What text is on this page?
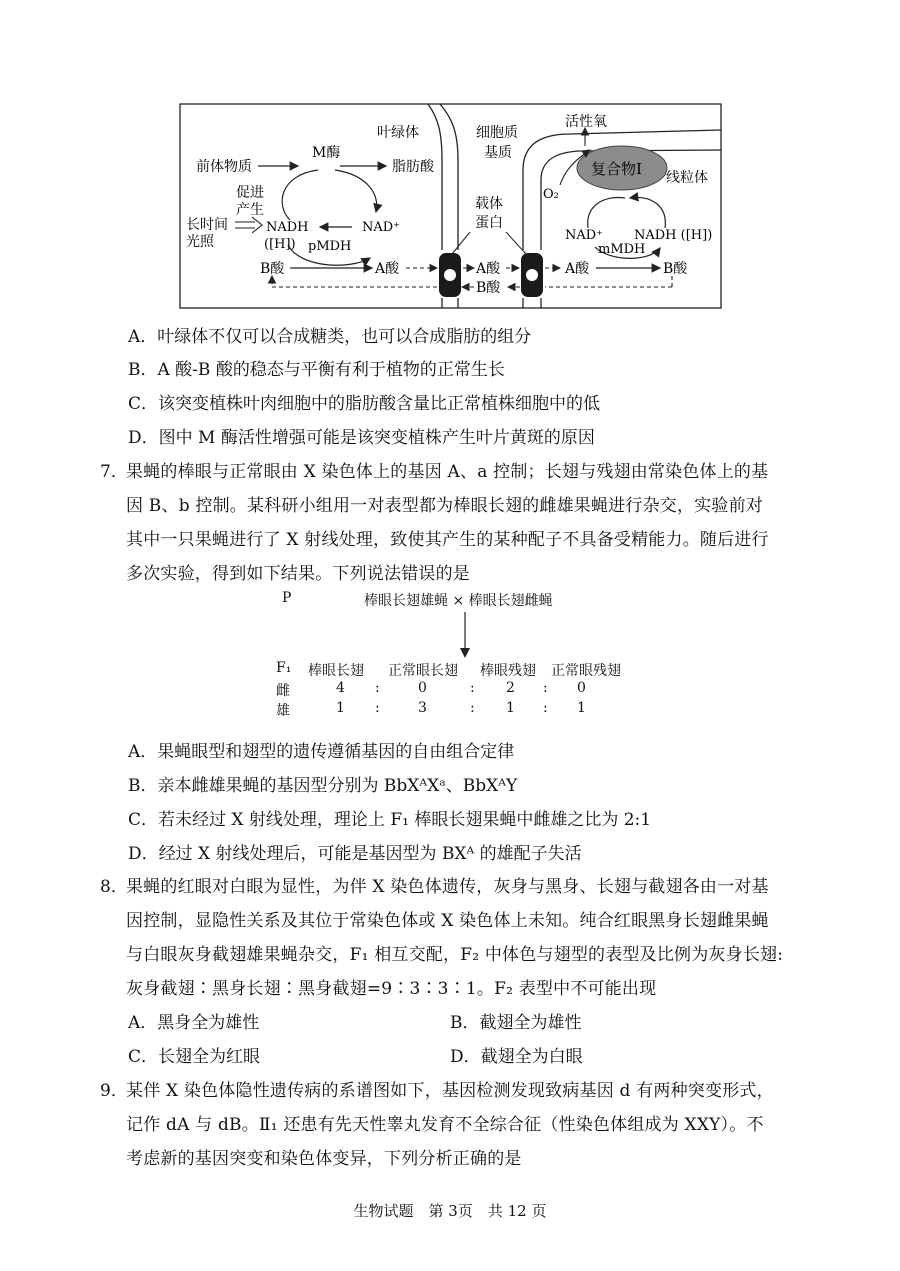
叶绿体	细胞质
基质
活性氧
复合物Ⅰ 线粒体
前体物质
M酶
脂肪酸
促进
产生
长时间
光照
NADH
([H])
NAD⁺
pMDH
B酸	A酸
载体
蛋白
A酸
B酸
O₂
NAD⁺ NADH ([H])
mMDH
A酸	B酸
A．叶绿体不仅可以合成糖类，也可以合成脂肪的组分
B．A 酸-B 酸的稳态与平衡有利于植物的正常生长
C．该突变植株叶肉细胞中的脂肪酸含量比正常植株细胞中的低
D．图中 M 酶活性增强可能是该突变植株产生叶片黄斑的原因
7．
果蝇的棒眼与正常眼由 X 染色体上的基因 A、a 控制；长翅与残翅由常染色体上的基
因 B、b 控制。某科研小组用一对表型都为棒眼长翅的雌雄果蝇进行杂交，实验前对
其中一只果蝇进行了 X 射线处理，致使其产生的某种配子不具备受精能力。随后进行
多次实验，得到如下结果。下列说法错误的是
P	棒眼长翅雄蝇 × 棒眼长翅雌蝇
F₁ 棒眼长翅 正常眼长翅 棒眼残翅 正常眼残翅
雌	4 :	0	: 2 : 0
雄	1 :	3	: 1 : 1
A．果蝇眼型和翅型的遗传遵循基因的自由组合定律
B．亲本雌雄果蝇的基因型分别为 BbXᴬXᵃ、BbXᴬY
C．若未经过 X 射线处理，理论上 F₁ 棒眼长翅果蝇中雌雄之比为 2:1
D．经过 X 射线处理后，可能是基因型为 BXᴬ 的雄配子失活
8．
果蝇的红眼对白眼为显性，为伴 X 染色体遗传，灰身与黑身、长翅与截翅各由一对基
因控制，显隐性关系及其位于常染色体或 X 染色体上未知。纯合红眼黑身长翅雌果蝇
与白眼灰身截翅雄果蝇杂交，F₁ 相互交配，F₂ 中体色与翅型的表型及比例为灰身长翅:
灰身截翅∶黑身长翅∶黑身截翅=9∶3∶3∶1。F₂ 表型中不可能出现
A．黑身全为雄性	B．截翅全为雄性
C．长翅全为红眼	D．截翅全为白眼
9．
某伴 X 染色体隐性遗传病的系谱图如下，基因检测发现致病基因 d 有两种突变形式，
记作 dA 与 dB。Ⅱ₁ 还患有先天性睾丸发育不全综合征（性染色体组成为 XXY）。不
考虑新的基因突变和染色体变异，下列分析正确的是
生物试题　第 3页　共 12 页
